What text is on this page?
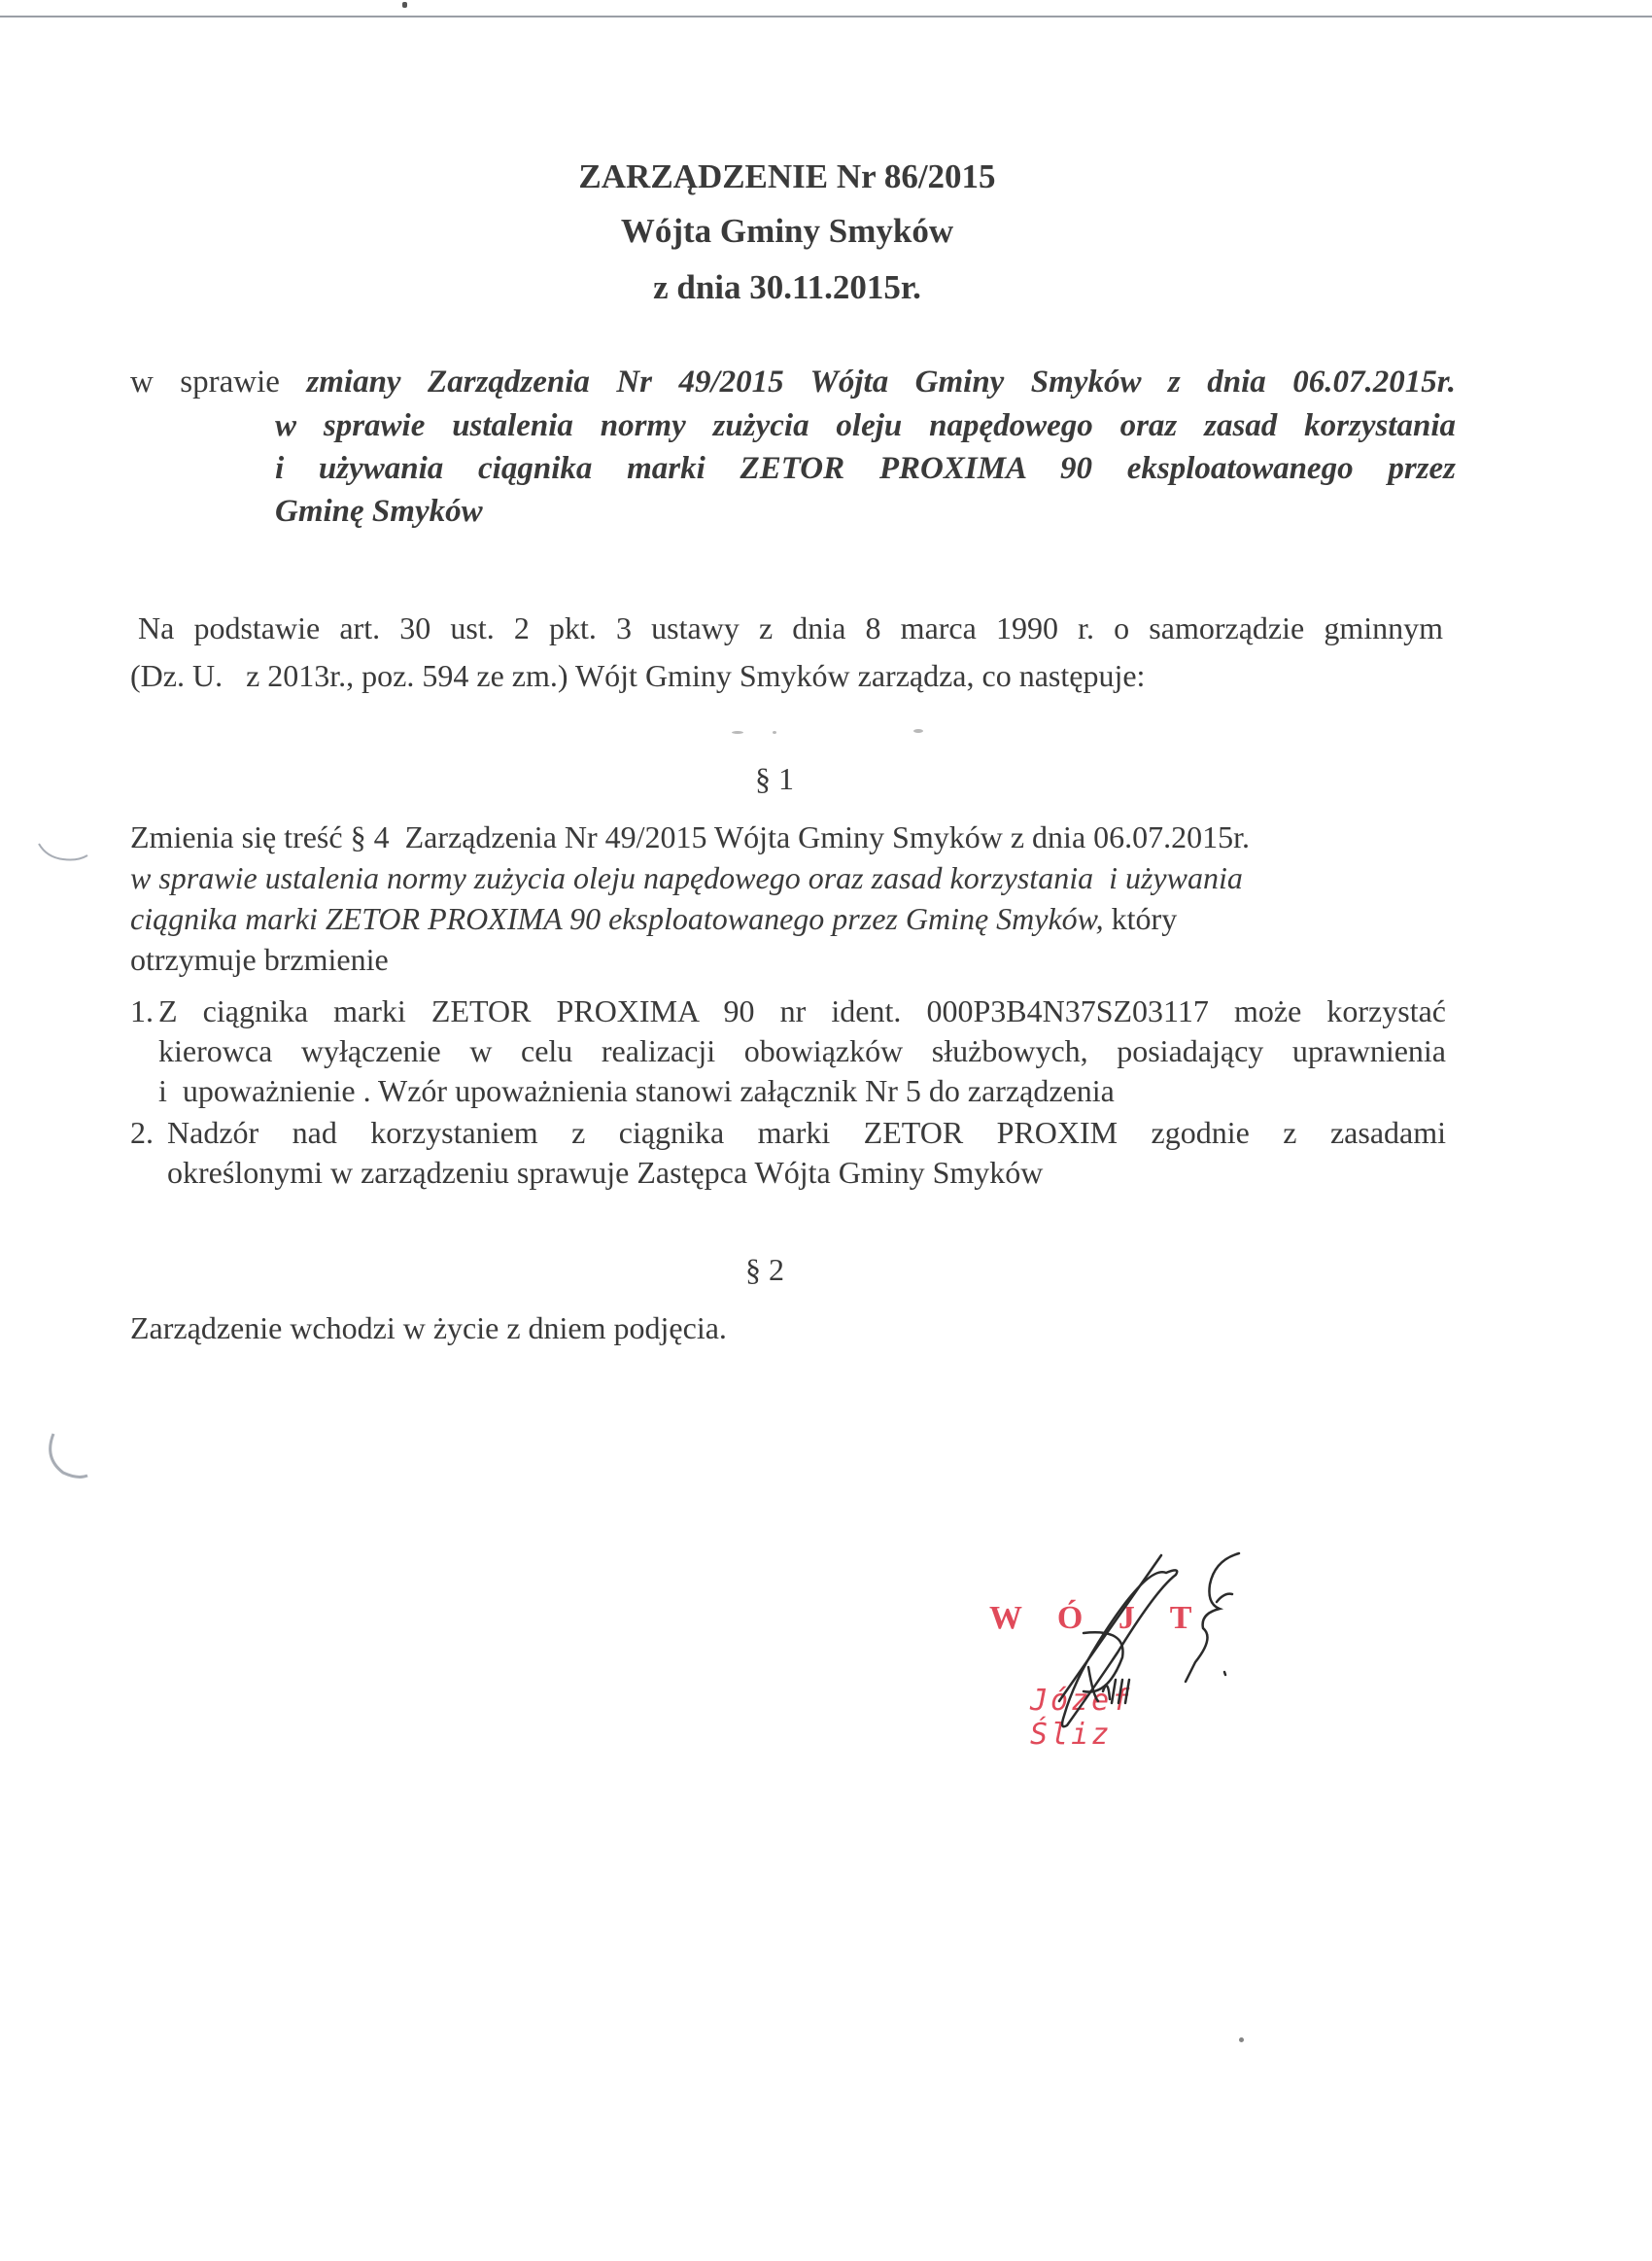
ZARZĄDZENIE Nr 86/2015
Wójta Gminy Smyków
z dnia 30.11.2015r.
w sprawie zmiany Zarządzenia Nr 49/2015 Wójta Gminy Smyków z dnia 06.07.2015r.
w sprawie ustalenia normy zużycia oleju napędowego oraz zasad korzystania
i używania ciągnika marki ZETOR PROXIMA 90 eksploatowanego przez
Gminę Smyków
Na podstawie art. 30 ust. 2 pkt. 3 ustawy z dnia 8 marca 1990 r. o samorządzie gminnym
(Dz. U.   z 2013r., poz. 594 ze zm.) Wójt Gminy Smyków zarządza, co następuje:
§ 1
Zmienia się treść § 4  Zarządzenia Nr 49/2015 Wójta Gminy Smyków z dnia 06.07.2015r.
w sprawie ustalenia normy zużycia oleju napędowego oraz zasad korzystania  i używania
ciągnika marki ZETOR PROXIMA 90 eksploatowanego przez Gminę Smyków, który
otrzymuje brzmienie
1. Z ciągnika marki ZETOR PROXIMA 90 nr ident. 000P3B4N37SZ03117 może korzystać
kierowca wyłączenie w celu realizacji obowiązków służbowych, posiadający uprawnienia
i  upoważnienie . Wzór upoważnienia stanowi załącznik Nr 5 do zarządzenia
2. Nadzór nad korzystaniem z ciągnika marki ZETOR PROXIM zgodnie z zasadami
określonymi w zarządzeniu sprawuje Zastępca Wójta Gminy Smyków
§ 2
Zarządzenie wchodzi w życie z dniem podjęcia.
W Ó J T
Józef Śliz
